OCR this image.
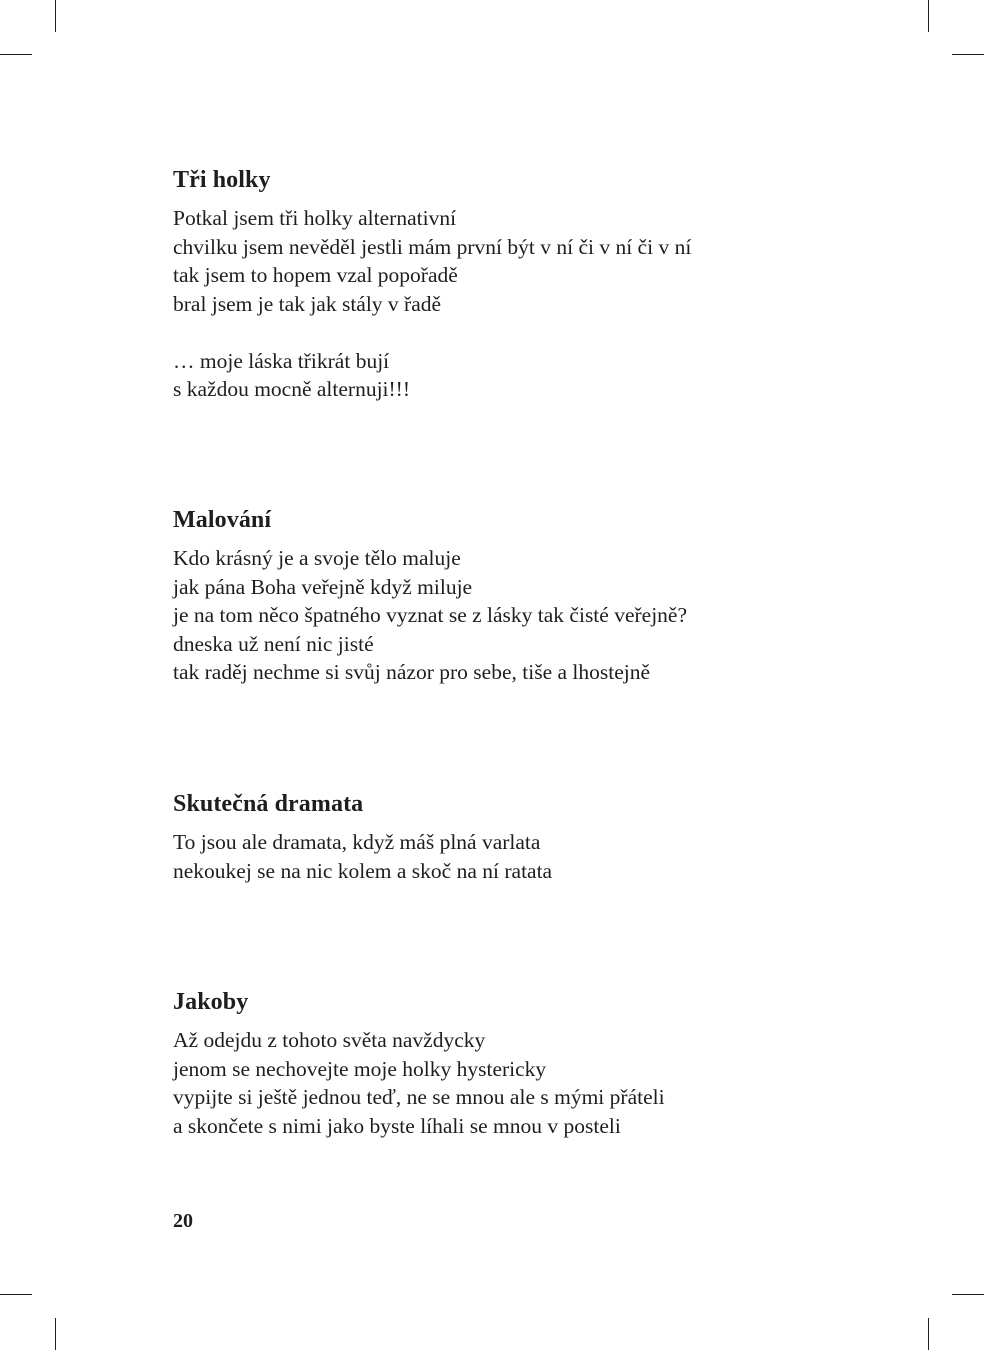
Tři holky
Potkal jsem tři holky alternativní
chvilku jsem nevěděl jestli mám první být v ní či v ní či v ní
tak jsem to hopem vzal popořadě
bral jsem je tak jak stály v řadě
… moje láska třikrát bují
s každou mocně alternuji!!!
Malování
Kdo krásný je a svoje tělo maluje
jak pána Boha veřejně když miluje
je na tom něco špatného vyznat se z lásky tak čisté veřejně?
dneska už není nic jisté
tak raděj nechme si svůj názor pro sebe, tiše a lhostejně
Skutečná dramata
To jsou ale dramata, když máš plná varlata
nekoukej se na nic kolem a skoč na ní ratata
Jakoby
Až odejdu z tohoto světa navždycky
jenom se nechovejte moje holky hystericky
vypijte si ještě jednou teď, ne se mnou ale s mými přáteli
a skončete s nimi jako byste líhali se mnou v posteli
20
